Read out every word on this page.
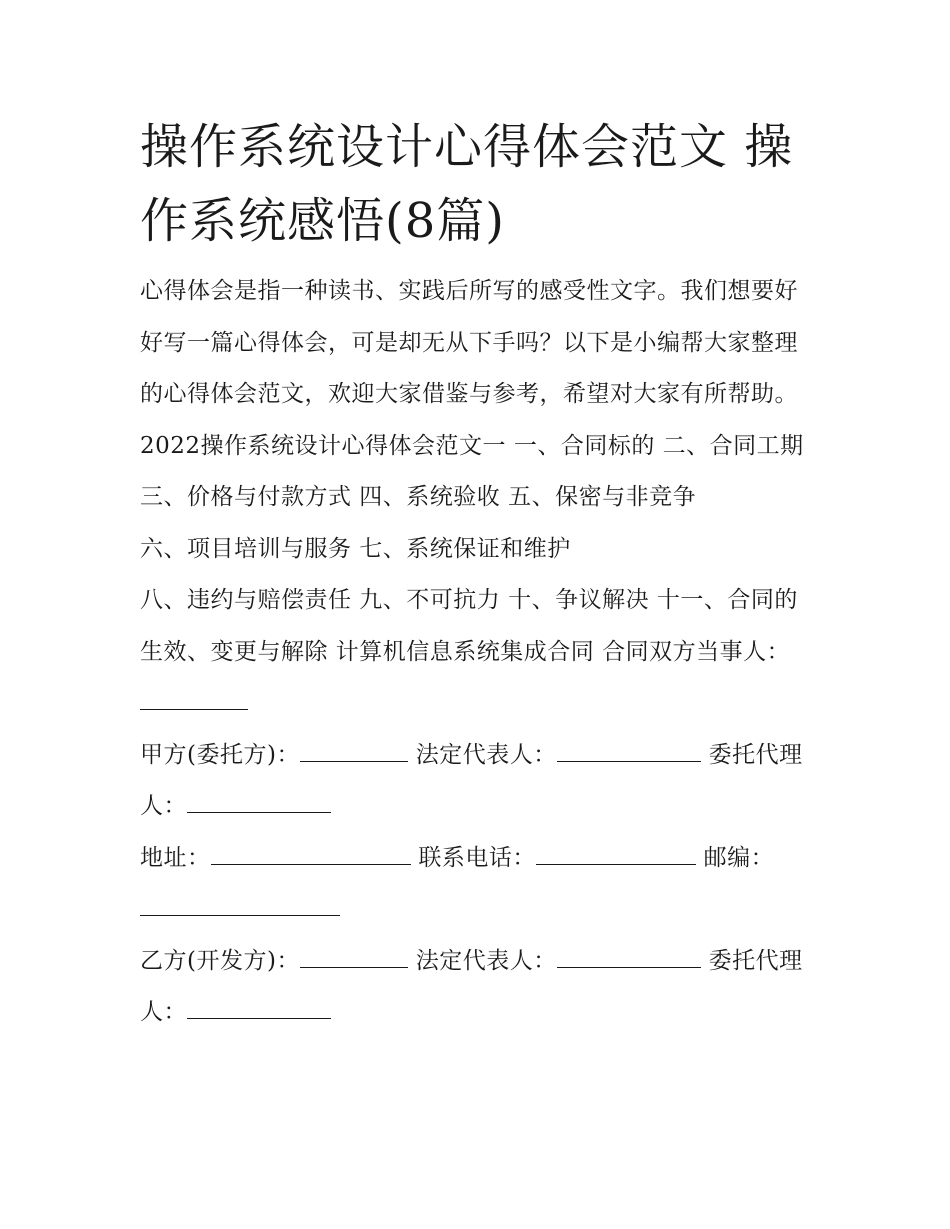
操作系统设计心得体会范文 操作系统感悟(8篇)

心得体会是指一种读书、实践后所写的感受性文字。我们想要好好写一篇心得体会，可是却无从下手吗？以下是小编帮大家整理的心得体会范文，欢迎大家借鉴与参考，希望对大家有所帮助。

2022操作系统设计心得体会范文一 一、合同标的 二、合同工期 三、价格与付款方式 四、系统验收 五、保密与非竞争

六、项目培训与服务 七、系统保证和维护

八、违约与赔偿责任 九、不可抗力 十、争议解决 十一、合同的生效、变更与解除 计算机信息系统集成合同 合同双方当事人：

甲方(委托方)：	法定代表人：	委托代理人：

地址：	联系电话：	邮编：

乙方(开发方)：	法定代表人：	委托代理人：
